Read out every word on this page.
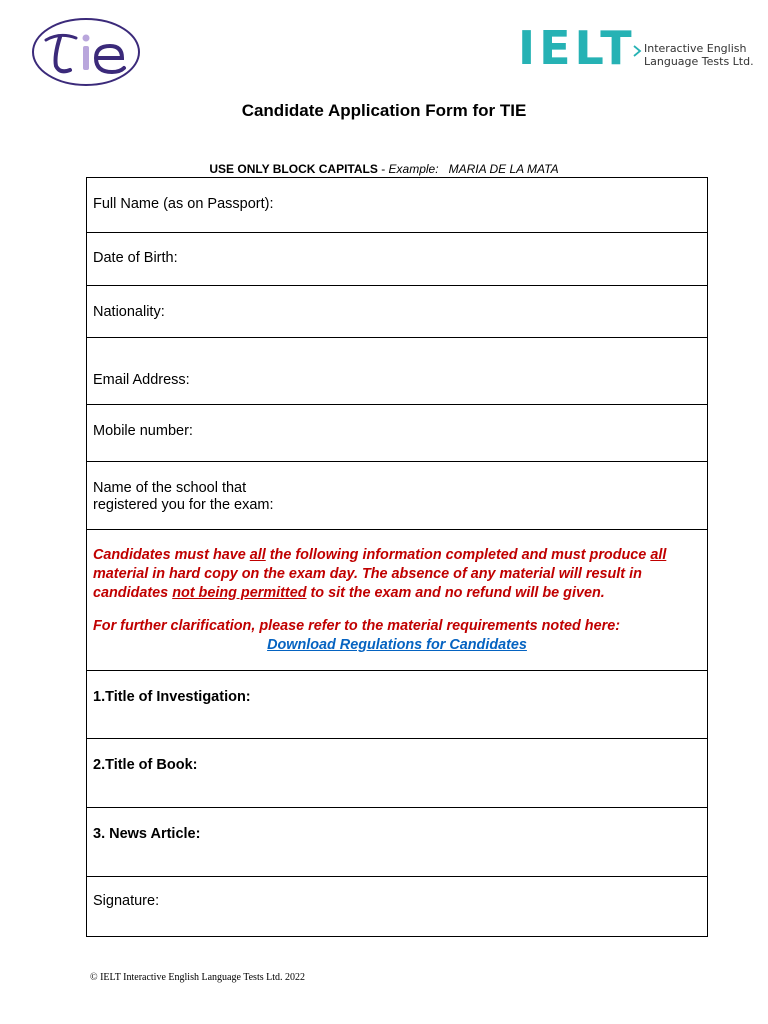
IELT Interactive English
Language Tests Ltd.
Candidate Application Form for TIE
USE ONLY BLOCK CAPITALS - Example: MARIA DE LA MATA
Full Name (as on Passport):
Date of Birth:
Nationality:
Email Address:
Mobile number:
Name of the school that
registered you for the exam:

Candidates must have all the following information completed and must produce all material in hard copy on the exam day. The absence of any material will result in candidates not being permitted to sit the exam and no refund will be given.

For further clarification, please refer to the material requirements noted here:

Download Regulations for Candidates
1.Title of Investigation:
2.Title of Book:
3. News Article:
Signature:
© IELT Interactive English Language Tests Ltd. 2022
